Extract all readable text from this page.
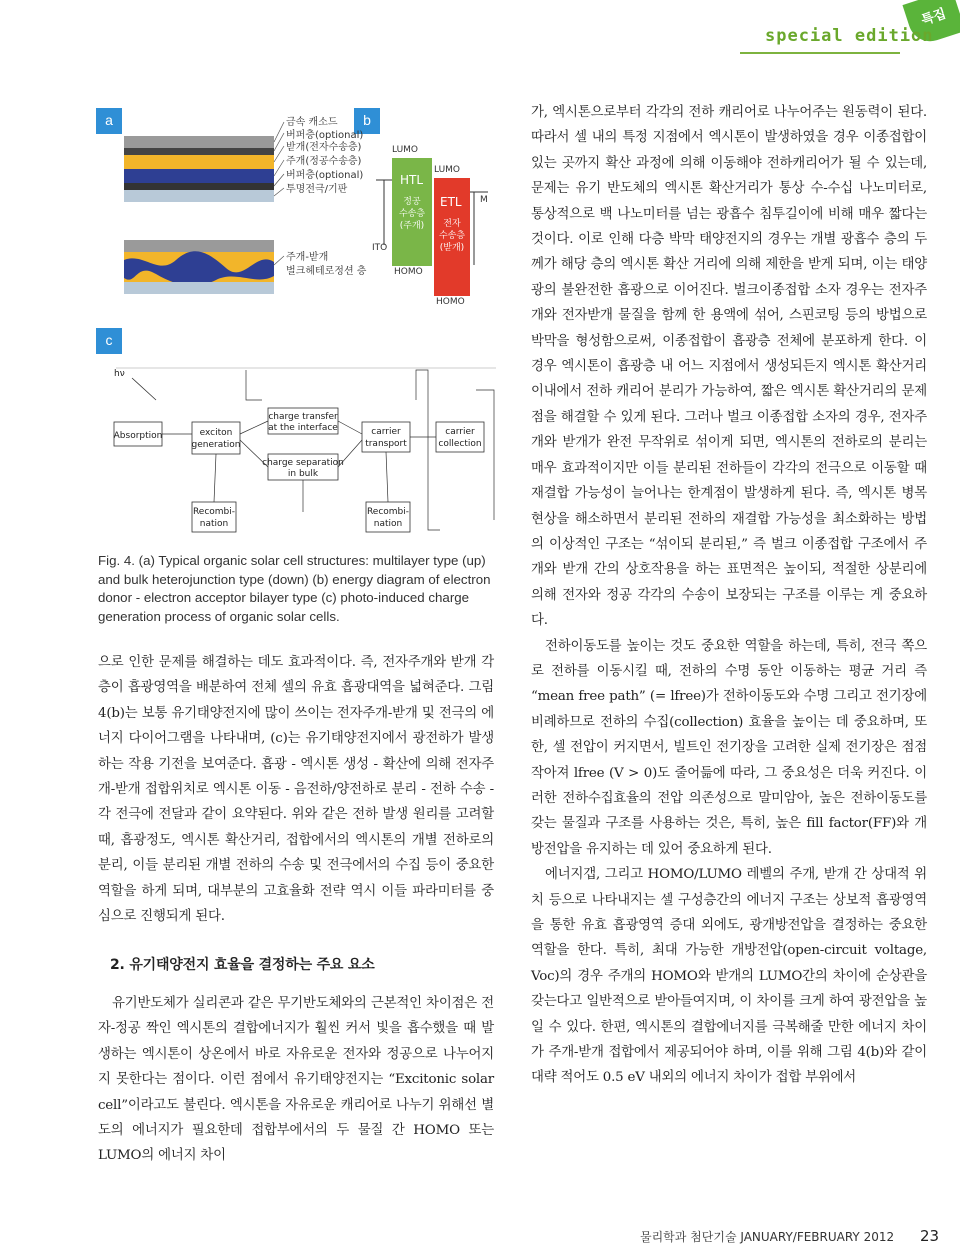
특집
special edition
a	b
c
금속 캐소드
버퍼층(optional)
받개(전자수송층)
주개(정공수송층)
버퍼층(optional)
투명전극/기판
주개-받개
벌크헤테로정션 층
LUMO
LUMO
HOMO
HOMO
HTL
정공
수송층
(주개)
ETL
전자
수송층
(받개)
ITO
M
hν
Absorption	exciton
generation
charge transfer
at the interface
charge separation
in bulk
carrier
transport
carrier
collection
Recombi-
nation
Recombi-
nation
Fig. 4. (a) Typical organic solar cell structures: multilayer type (up) and bulk heterojunction type (down) (b) energy diagram of electron donor - electron acceptor bilayer type (c) photo-induced charge generation process of organic solar cells.

으로 인한 문제를 해결하는 데도 효과적이다. 즉, 전자주개와 받개 각 층이 흡광영역을 배분하여 전체 셀의 유효 흡광대역을 넓혀준다. 그림 4(b)는 보통 유기태양전지에 많이 쓰이는 전자주개-받개 및 전극의 에너지 다이어그램을 나타내며, (c)는 유기태양전지에서 광전하가 발생하는 작용 기전을 보여준다. 흡광 - 엑시톤 생성 - 확산에 의해 전자주개-받개 접합위치로 엑시톤 이동 - 음전하/양전하로 분리 - 전하 수송 - 각 전극에 전달과 같이 요약된다. 위와 같은 전하 발생 원리를 고려할 때, 흡광정도, 엑시톤 확산거리, 접합에서의 엑시톤의 개별 전하로의 분리, 이들 분리된 개별 전하의 수송 및 전극에서의 수집 등이 중요한 역할을 하게 되며, 대부분의 고효율화 전략 역시 이들 파라미터를 중심으로 진행되게 된다.

2. 유기태양전지 효율을 결정하는 주요 요소

유기반도체가 실리콘과 같은 무기반도체와의 근본적인 차이점은 전자-정공 짝인 엑시톤의 결합에너지가 훨씬 커서 빛을 흡수했을 때 발생하는 엑시톤이 상온에서 바로 자유로운 전자와 정공으로 나누어지지 못한다는 점이다. 이런 점에서 유기태양전지는 “Excitonic solar cell”이라고도 불린다. 엑시톤을 자유로운 캐리어로 나누기 위해선 별도의 에너지가 필요한데 접합부에서의 두 물질 간 HOMO 또는 LUMO의 에너지 차이

가, 엑시톤으로부터 각각의 전하 캐리어로 나누어주는 원동력이 된다. 따라서 셀 내의 특정 지점에서 엑시톤이 발생하였을 경우 이종접합이 있는 곳까지 확산 과정에 의해 이동해야 전하캐리어가 될 수 있는데, 문제는 유기 반도체의 엑시톤 확산거리가 통상 수-수십 나노미터로, 통상적으로 백 나노미터를 넘는 광흡수 침투길이에 비해 매우 짧다는 것이다. 이로 인해 다층 박막 태양전지의 경우는 개별 광흡수 층의 두께가 해당 층의 엑시톤 확산 거리에 의해 제한을 받게 되며, 이는 태양광의 불완전한 흡광으로 이어진다. 벌크이종접합 소자 경우는 전자주개와 전자받개 물질을 함께 한 용액에 섞어, 스핀코팅 등의 방법으로 박막을 형성함으로써, 이종접합이 흡광층 전체에 분포하게 한다. 이 경우 엑시톤이 흡광층 내 어느 지점에서 생성되든지 엑시톤 확산거리 이내에서 전하 캐리어 분리가 가능하여, 짧은 엑시톤 확산거리의 문제점을 해결할 수 있게 된다. 그러나 벌크 이종접합 소자의 경우, 전자주개와 받개가 완전 무작위로 섞이게 되면, 엑시톤의 전하로의 분리는 매우 효과적이지만 이들 분리된 전하들이 각각의 전극으로 이동할 때 재결합 가능성이 늘어나는 한계점이 발생하게 된다. 즉, 엑시톤 병목현상을 해소하면서 분리된 전하의 재결합 가능성을 최소화하는 방법의 이상적인 구조는 “섞이되 분리된,” 즉 벌크 이종접합 구조에서 주개와 받개 간의 상호작용을 하는 표면적은 높이되, 적절한 상분리에 의해 전자와 정공 각각의 수송이 보장되는 구조를 이루는 게 중요하다.

전하이동도를 높이는 것도 중요한 역할을 하는데, 특히, 전극 쪽으로 전하를 이동시킬 때, 전하의 수명 동안 이동하는 평균 거리 즉 “mean free path” (= lfree)가 전하이동도와 수명 그리고 전기장에 비례하므로 전하의 수집(collection) 효율을 높이는 데 중요하며, 또한, 셀 전압이 커지면서, 빌트인 전기장을 고려한 실제 전기장은 점점 작아져 lfree (V > 0)도 줄어듦에 따라, 그 중요성은 더욱 커진다. 이러한 전하수집효율의 전압 의존성으로 말미암아, 높은 전하이동도를 갖는 물질과 구조를 사용하는 것은, 특히, 높은 fill factor(FF)와 개방전압을 유지하는 데 있어 중요하게 된다.

에너지갭, 그리고 HOMO/LUMO 레벨의 주개, 받개 간 상대적 위치 등으로 나타내지는 셀 구성층간의 에너지 구조는 상보적 흡광영역을 통한 유효 흡광영역 증대 외에도, 광개방전압을 결정하는 중요한 역할을 한다. 특히, 최대 가능한 개방전압(open-circuit voltage, Voc)의 경우 주개의 HOMO와 받개의 LUMO간의 차이에 순상관을 갖는다고 일반적으로 받아들여지며, 이 차이를 크게 하여 광전압을 높일 수 있다. 한편, 엑시톤의 결합에너지를 극복해줄 만한 에너지 차이가 주개-받개 접합에서 제공되어야 하며, 이를 위해 그림 4(b)와 같이 대략 적어도 0.5 eV 내외의 에너지 차이가 접합 부위에서

물리학과 첨단기술 JANUARY/FEBRUARY 2012 23
